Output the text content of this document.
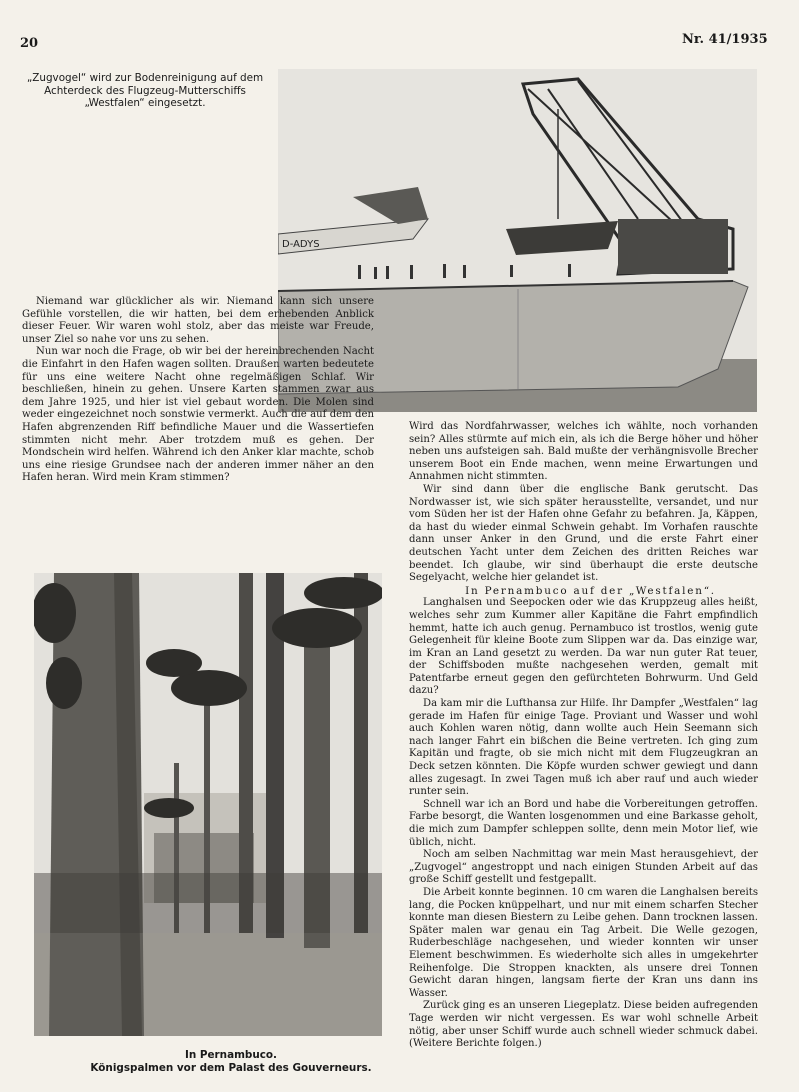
20	Nr. 41/1935
„Zugvogel“ wird zur Bodenreinigung auf dem Achterdeck des Flugzeug-Mutterschiffs „Westfalen“ eingesetzt.
D-ADYS

Niemand war glücklicher als wir. Niemand kann sich unsere Gefühle vorstellen, die wir hatten, bei dem erhebenden Anblick dieser Feuer. Wir waren wohl stolz, aber das meiste war Freude, unser Ziel so nahe vor uns zu sehen.

Nun war noch die Frage, ob wir bei der hereinbrechenden Nacht die Einfahrt in den Hafen wagen sollten. Draußen warten bedeutete für uns eine weitere Nacht ohne regelmäßigen Schlaf. Wir beschließen, hinein zu gehen. Unsere Karten stammen zwar aus dem Jahre 1925, und hier ist viel gebaut worden. Die Molen sind weder eingezeichnet noch sonstwie vermerkt. Auch die auf dem den Hafen abgrenzenden Riff befindliche Mauer und die Wassertiefen stimmten nicht mehr. Aber trotzdem muß es gehen. Der Mondschein wird helfen. Während ich den Anker klar machte, schob uns eine riesige Grundsee nach der anderen immer näher an den Hafen heran. Wird mein Kram stimmen?

In Pernambuco.
Königspalmen vor dem Palast des Gouverneurs.

Wird das Nordfahrwasser, welches ich wählte, noch vorhanden sein? Alles stürmte auf mich ein, als ich die Berge höher und höher neben uns aufsteigen sah. Bald mußte der verhängnisvolle Brecher unserem Boot ein Ende machen, wenn meine Erwartungen und Annahmen nicht stimmten.

Wir sind dann über die englische Bank gerutscht. Das Nordwasser ist, wie sich später herausstellte, versandet, und nur vom Süden her ist der Hafen ohne Gefahr zu befahren. Ja, Käppen, da hast du wieder einmal Schwein gehabt. Im Vorhafen rauschte dann unser Anker in den Grund, und die erste Fahrt einer deutschen Yacht unter dem Zeichen des dritten Reiches war beendet. Ich glaube, wir sind überhaupt die erste deutsche Segelyacht, welche hier gelandet ist.

In Pernambuco auf der „Westfalen“.

Langhalsen und Seepocken oder wie das Kruppzeug alles heißt, welches sehr zum Kummer aller Kapitäne die Fahrt empfindlich hemmt, hatte ich auch genug. Pernambuco ist trostlos, wenig gute Gelegenheit für kleine Boote zum Slippen war da. Das einzige war, im Kran an Land gesetzt zu werden. Da war nun guter Rat teuer, der Schiffsboden mußte nachgesehen werden, gemalt mit Patentfarbe erneut gegen den gefürchteten Bohrwurm. Und Geld dazu?

Da kam mir die Lufthansa zur Hilfe. Ihr Dampfer „Westfalen“ lag gerade im Hafen für einige Tage. Proviant und Wasser und wohl auch Kohlen waren nötig, dann wollte auch Hein Seemann sich nach langer Fahrt ein bißchen die Beine vertreten. Ich ging zum Kapitän und fragte, ob sie mich nicht mit dem Flugzeugkran an Deck setzen könnten. Die Köpfe wurden schwer gewiegt und dann alles zugesagt. In zwei Tagen muß ich aber rauf und auch wieder runter sein.

Schnell war ich an Bord und habe die Vorbereitungen getroffen. Farbe besorgt, die Wanten losgenommen und eine Barkasse geholt, die mich zum Dampfer schleppen sollte, denn mein Motor lief, wie üblich, nicht.

Noch am selben Nachmittag war mein Mast herausgehievt, der „Zugvogel“ angestroppt und nach einigen Stunden Arbeit auf das große Schiff gestellt und festgepallt.

Die Arbeit konnte beginnen. 10 cm waren die Langhalsen bereits lang, die Pocken knüppelhart, und nur mit einem scharfen Stecher konnte man diesen Biestern zu Leibe gehen. Dann trocknen lassen. Später malen war genau ein Tag Arbeit. Die Welle gezogen, Ruderbeschläge nachgesehen, und wieder konnten wir unser Element beschwimmen. Es wiederholte sich alles in umgekehrter Reihenfolge. Die Stroppen knackten, als unsere drei Tonnen Gewicht daran hingen, langsam fierte der Kran uns dann ins Wasser.

Zurück ging es an unseren Liegeplatz. Diese beiden aufregenden Tage werden wir nicht vergessen. Es war wohl schnelle Arbeit nötig, aber unser Schiff wurde auch schnell wieder schmuck dabei. (Weitere Berichte folgen.)
